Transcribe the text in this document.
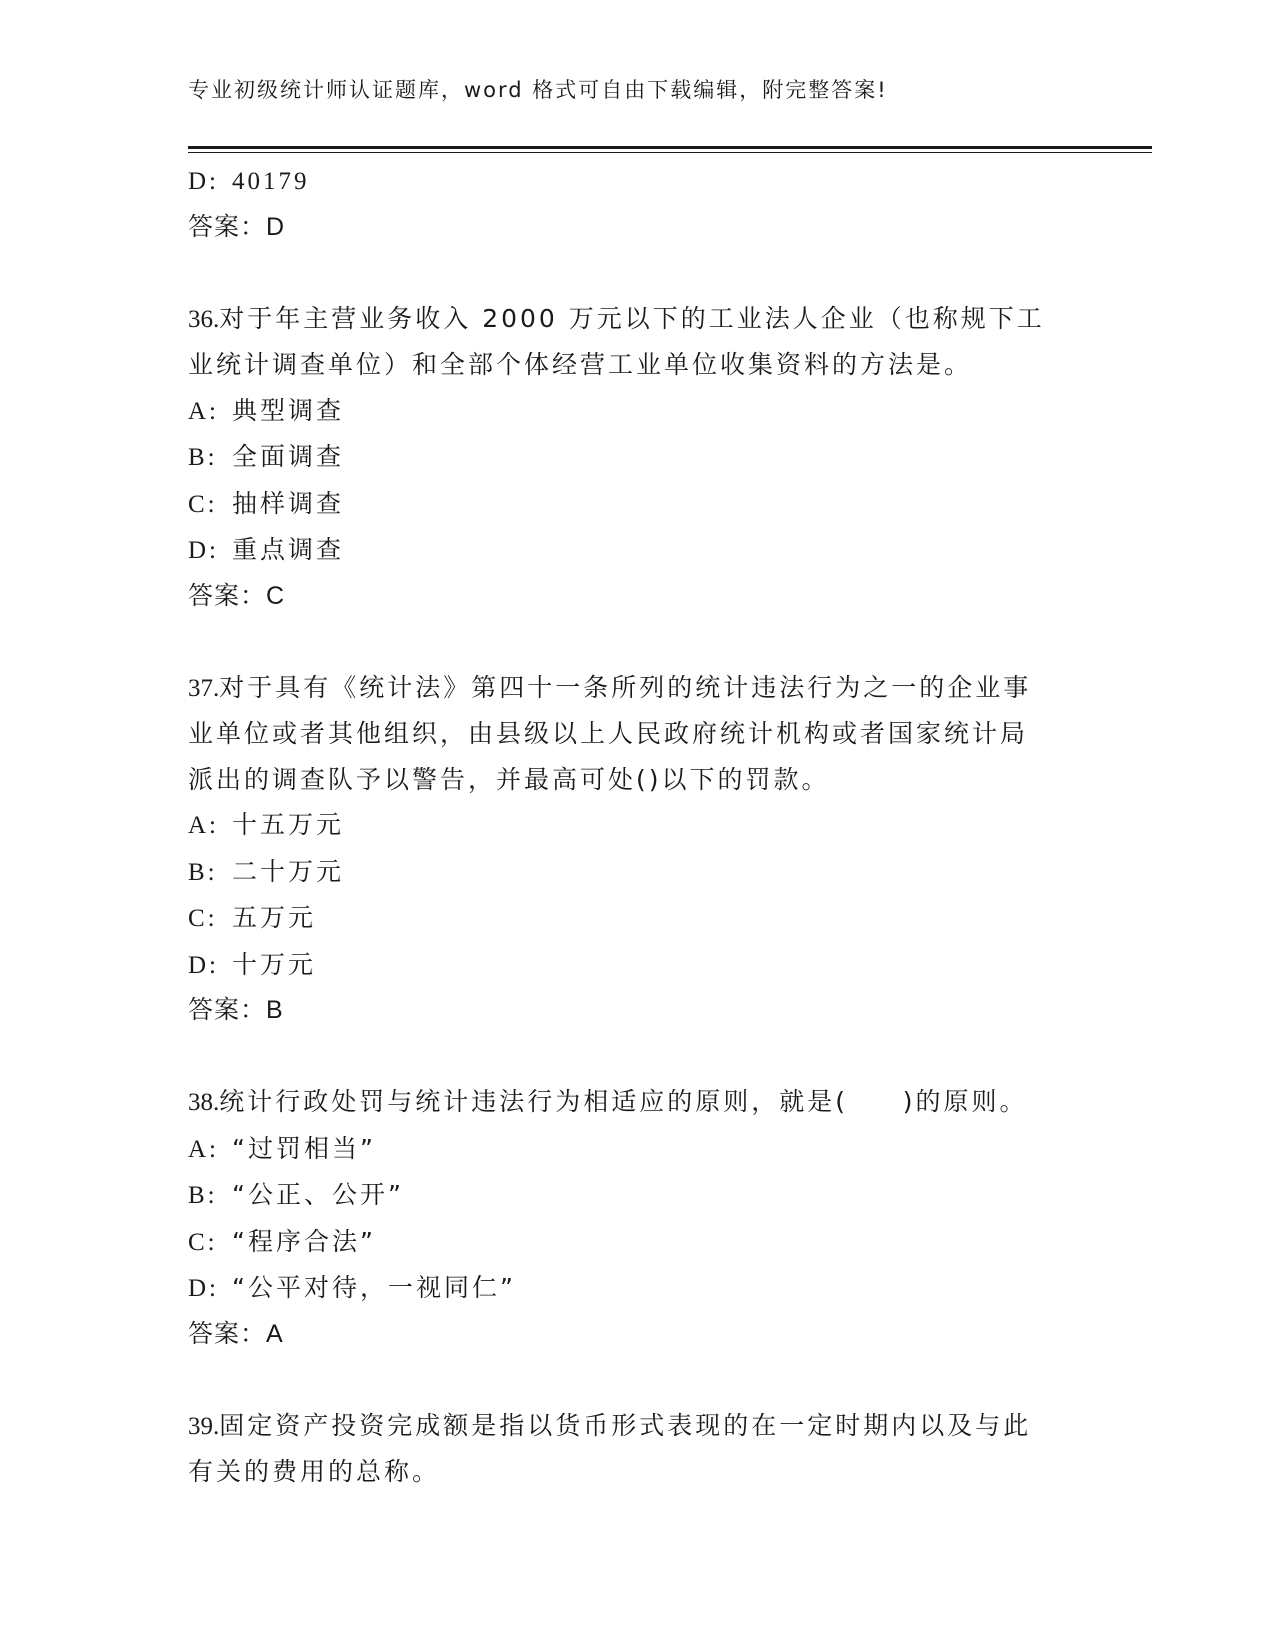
专业初级统计师认证题库，word 格式可自由下载编辑，附完整答案!
D: 40179
答案：D
36.对于年主营业务收入 2000 万元以下的工业法人企业（也称规下工
业统计调查单位）和全部个体经营工业单位收集资料的方法是。
A: 典型调查
B: 全面调查
C: 抽样调查
D: 重点调查
答案：C
37.对于具有《统计法》第四十一条所列的统计违法行为之一的企业事
业单位或者其他组织，由县级以上人民政府统计机构或者国家统计局
派出的调查队予以警告，并最高可处()以下的罚款。
A: 十五万元
B: 二十万元
C: 五万元
D: 十万元
答案：B
38.统计行政处罚与统计违法行为相适应的原则，就是(     )的原则。
A: “过罚相当”
B: “公正、公开”
C: “程序合法”
D: “公平对待，一视同仁”
答案：A
39.固定资产投资完成额是指以货币形式表现的在一定时期内以及与此
有关的费用的总称。
